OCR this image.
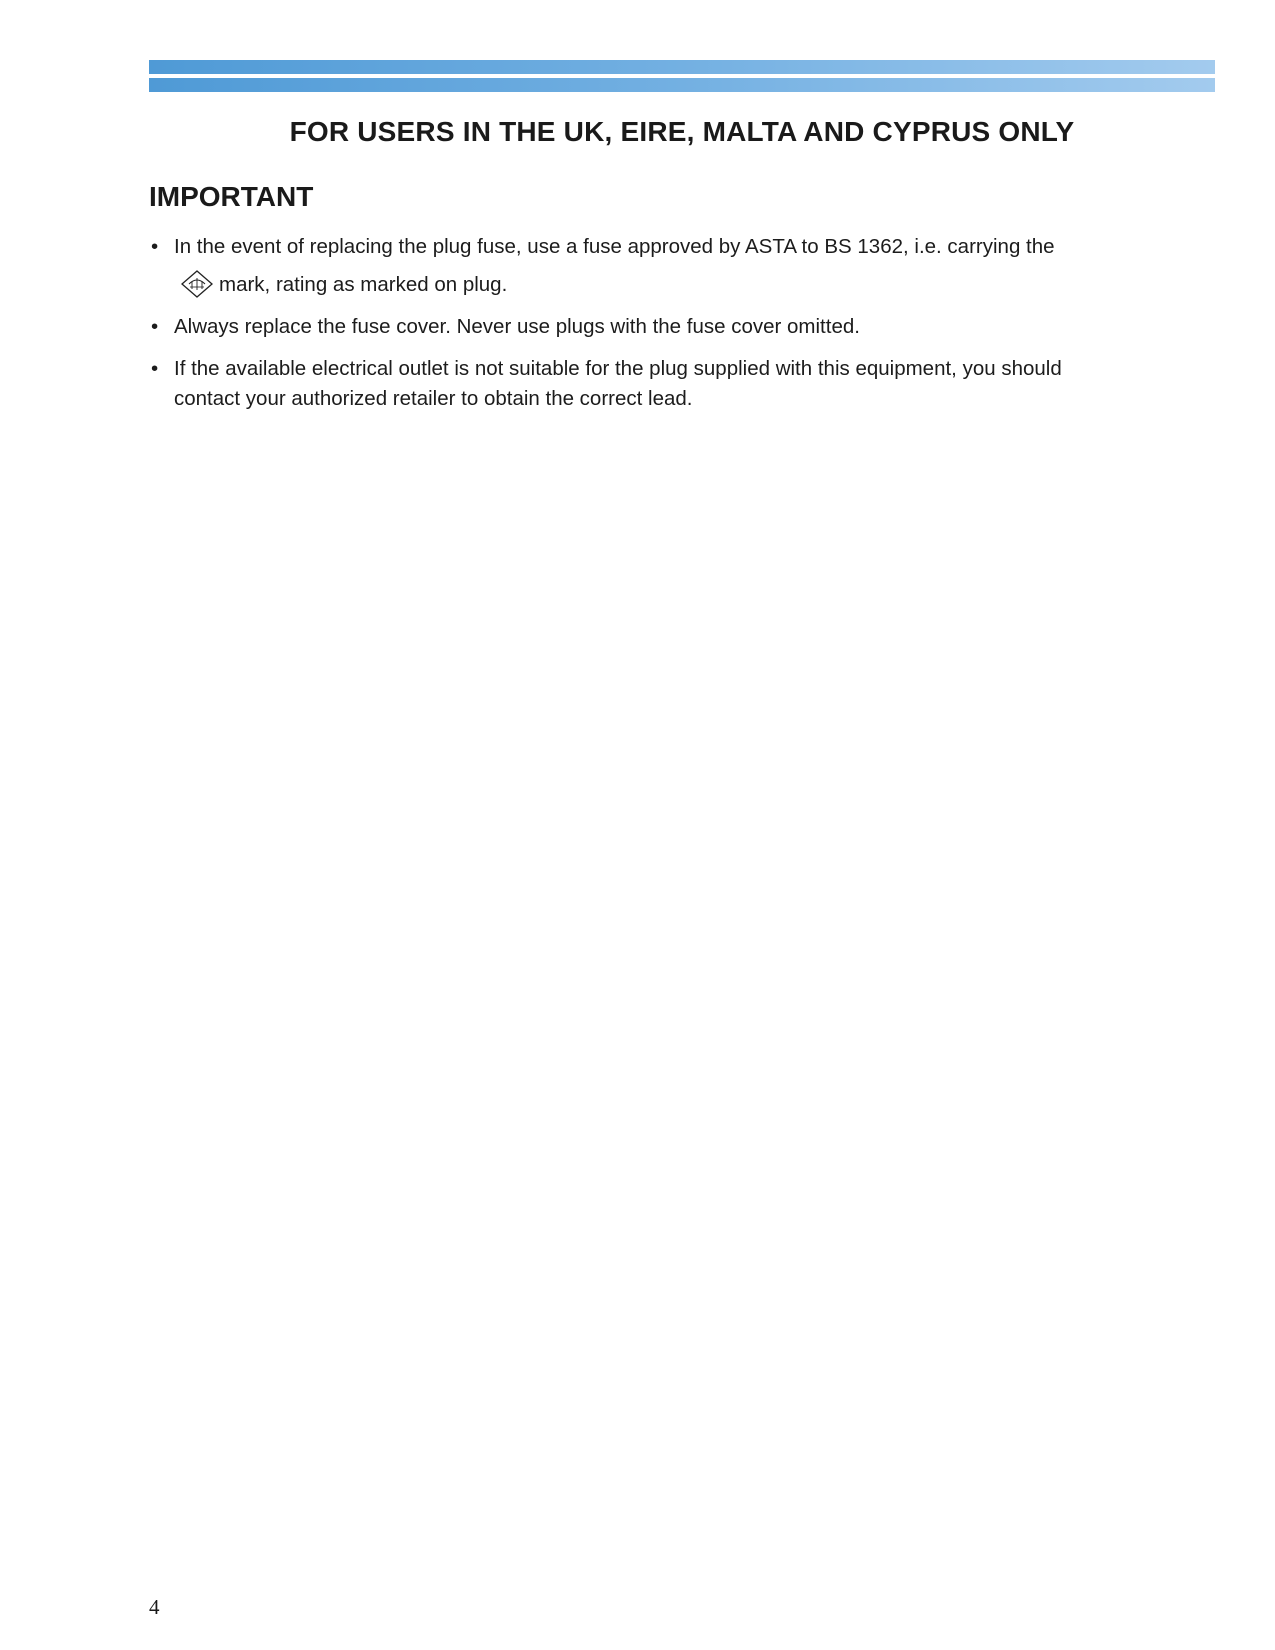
FOR USERS IN THE UK, EIRE, MALTA AND CYPRUS ONLY
IMPORTANT
• In the event of replacing the plug fuse, use a fuse approved by ASTA to BS 1362, i.e. carrying the
mark, rating as marked on plug.
• Always replace the fuse cover. Never use plugs with the fuse cover omitted.
• If the available electrical outlet is not suitable for the plug supplied with this equipment, you should contact your authorized retailer to obtain the correct lead.
4
